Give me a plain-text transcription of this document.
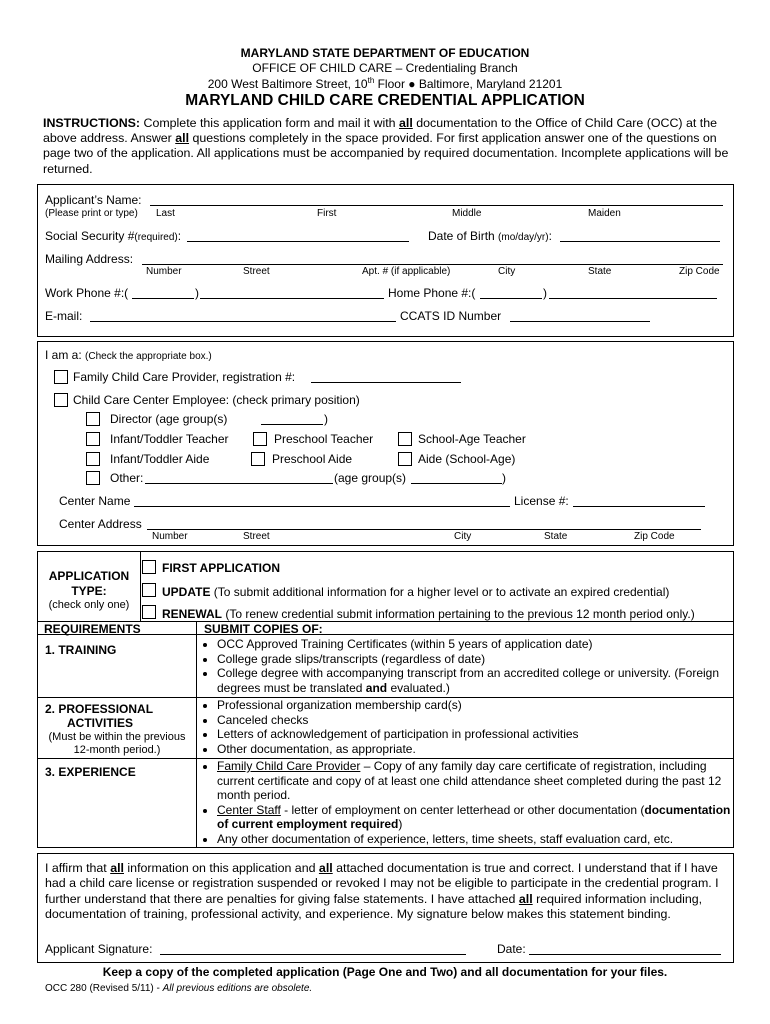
MARYLAND STATE DEPARTMENT OF EDUCATION
OFFICE OF CHILD CARE – Credentialing Branch
200 West Baltimore Street, 10th Floor ● Baltimore, Maryland 21201
MARYLAND CHILD CARE CREDENTIAL APPLICATION
INSTRUCTIONS: Complete this application form and mail it with all documentation to the Office of Child Care (OCC) at the above address. Answer all questions completely in the space provided. For first application answer one of the questions on page two of the application. All applications must be accompanied by required documentation. Incomplete applications will be returned.
Applicant’s Name:
(Please print or type) Last	First	Middle	Maiden
Social Security #(required):	Date of Birth (mo/day/yr):
Mailing Address:
Number	Street	Apt. # (if applicable)	City	State	Zip Code
Work Phone #:(	)	Home Phone #:(	)
E-mail:	CCATS ID Number
I am a: (Check the appropriate box.)
Family Child Care Provider, registration #:
Child Care Center Employee: (check primary position)
Director (age group(s)	)
Infant/Toddler Teacher	Preschool Teacher	School-Age Teacher
Infant/Toddler Aide	Preschool Aide	Aide (School-Age)
Other:	(age group(s)	)
Center Name	License #:
Center Address
Number	Street	City	State	Zip Code
APPLICATION
TYPE:
(check only one)
FIRST APPLICATION
UPDATE (To submit additional information for a higher level or to activate an expired credential)
RENEWAL (To renew credential submit information pertaining to the previous 12 month period only.)
REQUIREMENTS	SUBMIT COPIES OF:
1. TRAINING	• OCC Approved Training Certificates (within 5 years of application date)
• College grade slips/transcripts (regardless of date)
• College degree with accompanying transcript from an accredited college or university. (Foreign degrees must be translated and evaluated.)
2. PROFESSIONAL
ACTIVITIES
(Must be within the previous
12-month period.)
• Professional organization membership card(s)
• Canceled checks
• Letters of acknowledgement of participation in professional activities
• Other documentation, as appropriate.
3. EXPERIENCE	• Family Child Care Provider – Copy of any family day care certificate of registration, including current certificate and copy of at least one child attendance sheet completed during the past 12 month period.
• Center Staff - letter of employment on center letterhead or other documentation (documentation of current employment required)
• Any other documentation of experience, letters, time sheets, staff evaluation card, etc.
I affirm that all information on this application and all attached documentation is true and correct. I understand that if I have had a child care license or registration suspended or revoked I may not be eligible to participate in the credential program. I further understand that there are penalties for giving false statements. I have attached all required information including, documentation of training, professional activity, and experience. My signature below makes this statement binding.
Applicant Signature:	Date:
Keep a copy of the completed application (Page One and Two) and all documentation for your files.
OCC 280 (Revised 5/11) - All previous editions are obsolete.
